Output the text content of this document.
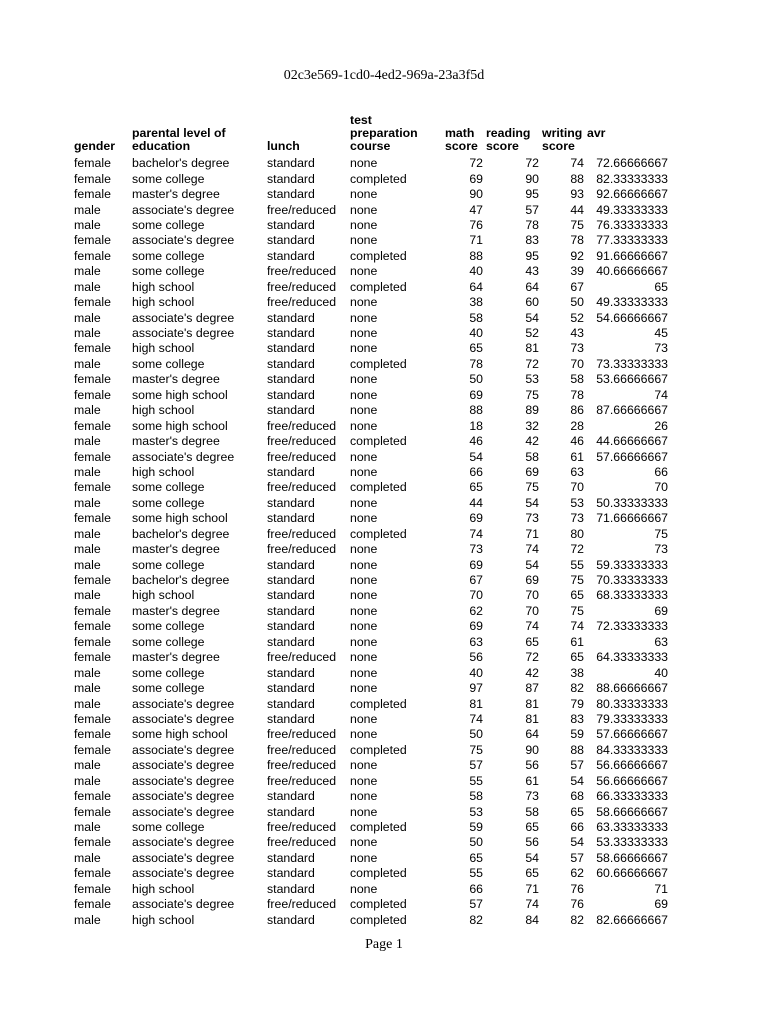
02c3e569-1cd0-4ed2-969a-23a3f5d
gender	parental level of education	lunch	test preparation course	math score	reading score	writing score	avr
female	bachelor's degree	standard	none	72	72	74	72.66666667
female	some college	standard	completed	69	90	88	82.33333333
female	master's degree	standard	none	90	95	93	92.66666667
male	associate's degree	free/reduced	none	47	57	44	49.33333333
male	some college	standard	none	76	78	75	76.33333333
female	associate's degree	standard	none	71	83	78	77.33333333
female	some college	standard	completed	88	95	92	91.66666667
male	some college	free/reduced	none	40	43	39	40.66666667
male	high school	free/reduced	completed	64	64	67	65
female	high school	free/reduced	none	38	60	50	49.33333333
male	associate's degree	standard	none	58	54	52	54.66666667
male	associate's degree	standard	none	40	52	43	45
female	high school	standard	none	65	81	73	73
male	some college	standard	completed	78	72	70	73.33333333
female	master's degree	standard	none	50	53	58	53.66666667
female	some high school	standard	none	69	75	78	74
male	high school	standard	none	88	89	86	87.66666667
female	some high school	free/reduced	none	18	32	28	26
male	master's degree	free/reduced	completed	46	42	46	44.66666667
female	associate's degree	free/reduced	none	54	58	61	57.66666667
male	high school	standard	none	66	69	63	66
female	some college	free/reduced	completed	65	75	70	70
male	some college	standard	none	44	54	53	50.33333333
female	some high school	standard	none	69	73	73	71.66666667
male	bachelor's degree	free/reduced	completed	74	71	80	75
male	master's degree	free/reduced	none	73	74	72	73
male	some college	standard	none	69	54	55	59.33333333
female	bachelor's degree	standard	none	67	69	75	70.33333333
male	high school	standard	none	70	70	65	68.33333333
female	master's degree	standard	none	62	70	75	69
female	some college	standard	none	69	74	74	72.33333333
female	some college	standard	none	63	65	61	63
female	master's degree	free/reduced	none	56	72	65	64.33333333
male	some college	standard	none	40	42	38	40
male	some college	standard	none	97	87	82	88.66666667
male	associate's degree	standard	completed	81	81	79	80.33333333
female	associate's degree	standard	none	74	81	83	79.33333333
female	some high school	free/reduced	none	50	64	59	57.66666667
female	associate's degree	free/reduced	completed	75	90	88	84.33333333
male	associate's degree	free/reduced	none	57	56	57	56.66666667
male	associate's degree	free/reduced	none	55	61	54	56.66666667
female	associate's degree	standard	none	58	73	68	66.33333333
female	associate's degree	standard	none	53	58	65	58.66666667
male	some college	free/reduced	completed	59	65	66	63.33333333
female	associate's degree	free/reduced	none	50	56	54	53.33333333
male	associate's degree	standard	none	65	54	57	58.66666667
female	associate's degree	standard	completed	55	65	62	60.66666667
female	high school	standard	none	66	71	76	71
female	associate's degree	free/reduced	completed	57	74	76	69
male	high school	standard	completed	82	84	82	82.66666667
Page 1
